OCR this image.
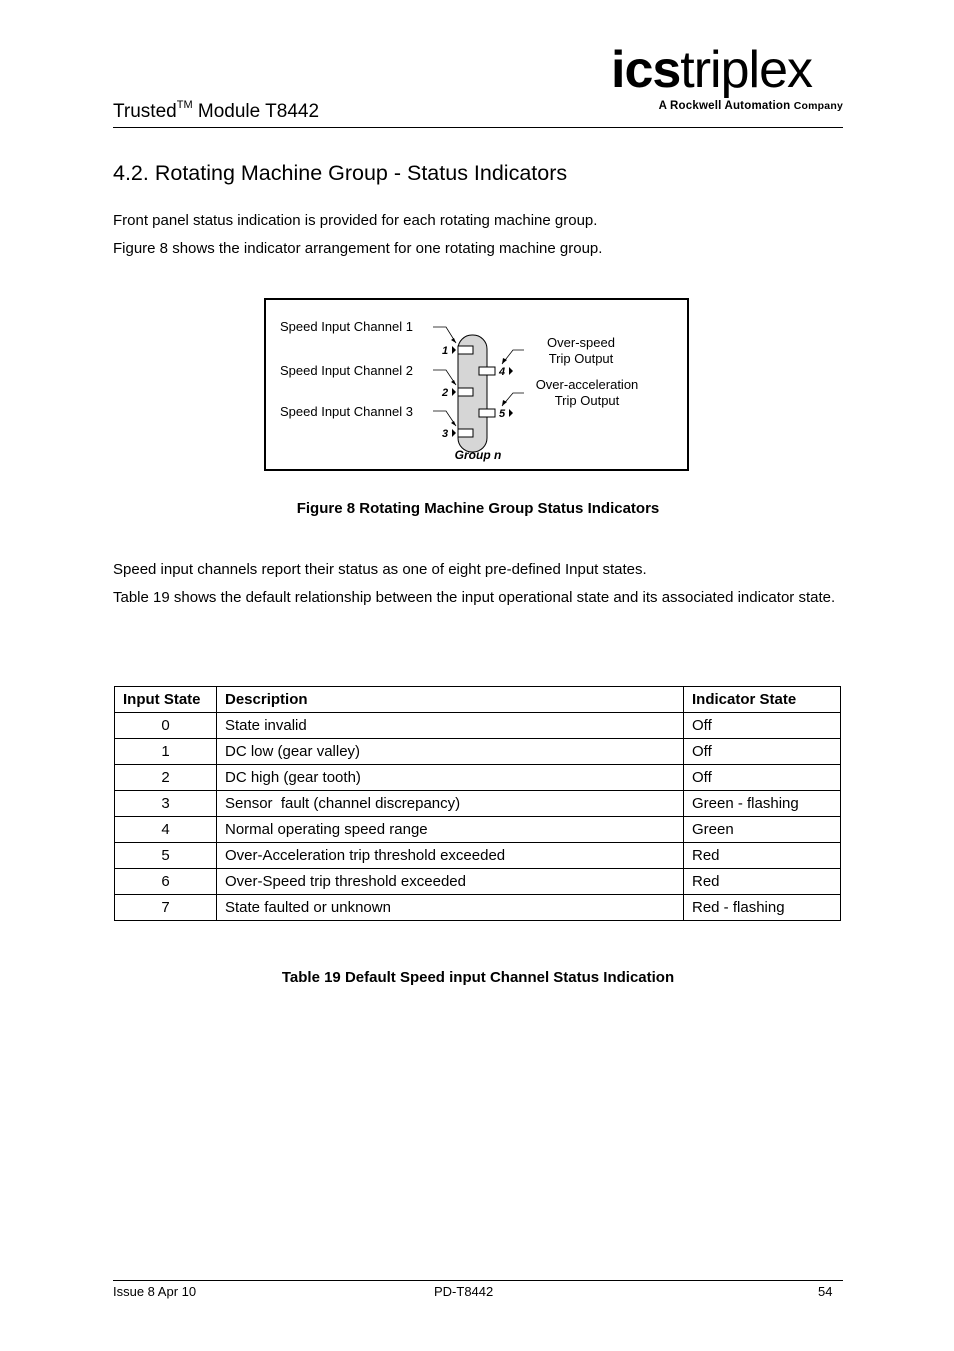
Trusted™ Module T8442
icstriplex
A Rockwell Automation Company
4.2. Rotating Machine Group - Status Indicators
Front panel status indication is provided for each rotating machine group.
Figure 8 shows the indicator arrangement for one rotating machine group.
1
2
3
4
5
Speed Input Channel 1
Speed Input Channel 2
Speed Input Channel 3
Over-speed
Trip Output
Over-acceleration
Trip Output
Group n
Figure 8 Rotating Machine Group Status Indicators
Speed input channels report their status as one of eight pre-defined Input states.
Table 19 shows the default relationship between the input operational state and its associated indicator state.
Input State	Description	Indicator State
0	State invalid	Off
1	DC low (gear valley)	Off
2	DC high (gear tooth)	Off
3	Sensor  fault (channel discrepancy)	Green - flashing
4	Normal operating speed range	Green
5	Over-Acceleration trip threshold exceeded	Red
6	Over-Speed trip threshold exceeded	Red
7	State faulted or unknown	Red - flashing
Table 19 Default Speed input Channel Status Indication
Issue 8 Apr 10	PD-T8442	54
